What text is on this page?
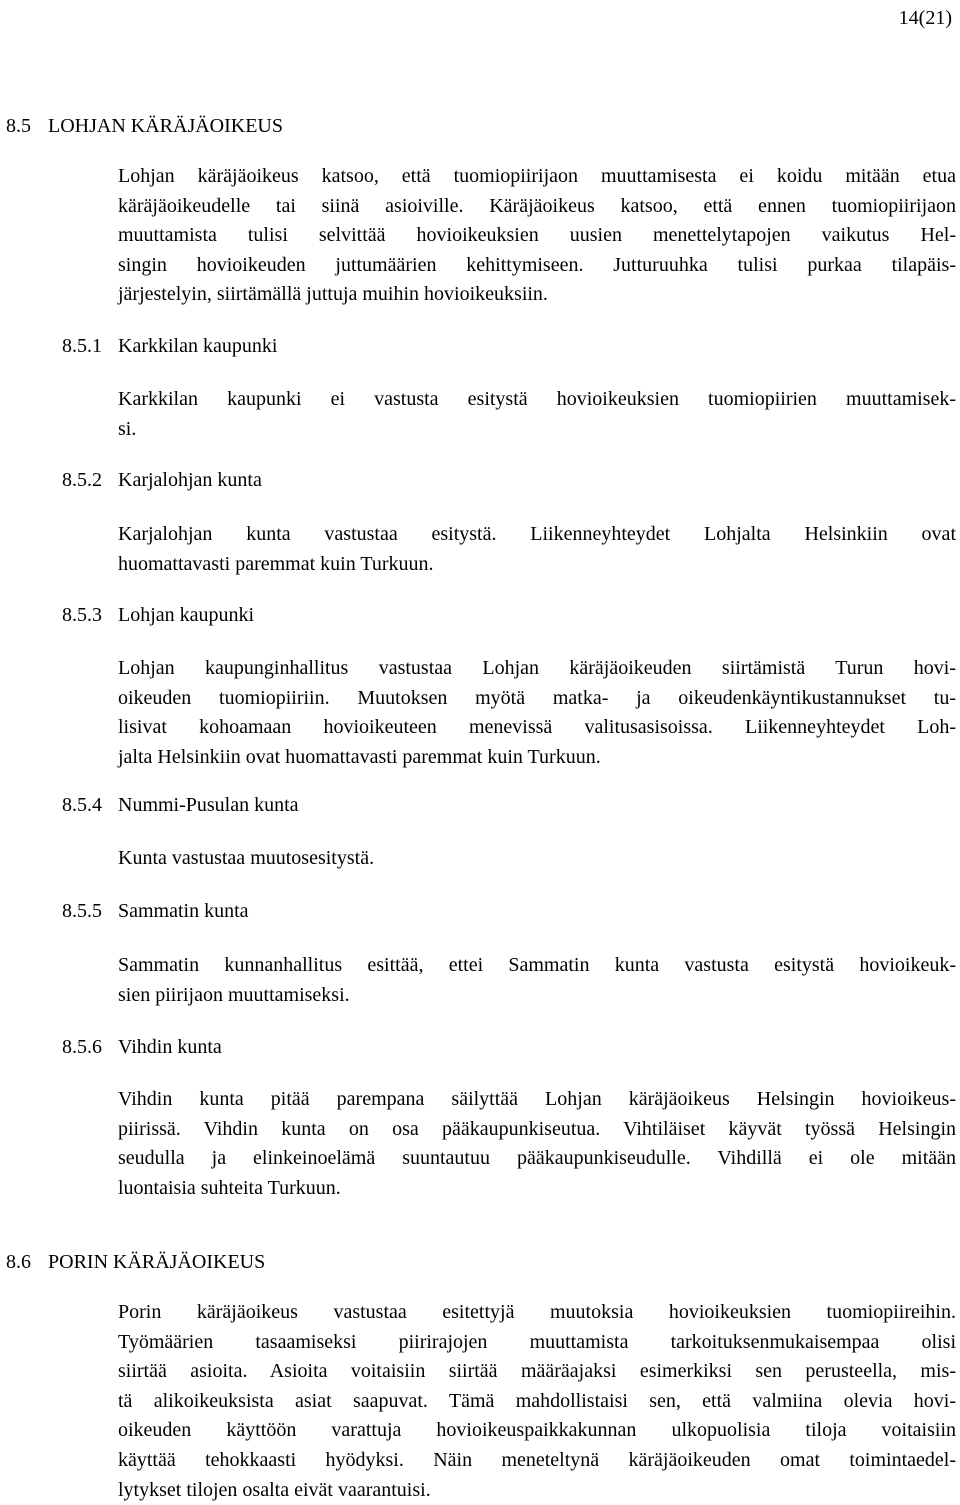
14(21)
8.5 LOHJAN KÄRÄJÄOIKEUS
Lohjan käräjäoikeus katsoo, että tuomiopiirijaon muuttamisesta ei koidu mitään etua
käräjäoikeudelle tai siinä asioiville. Käräjäoikeus katsoo, että ennen tuomiopiirijaon
muuttamista tulisi selvittää hovioikeuksien uusien menettelytapojen vaikutus Hel-
singin hovioikeuden juttumäärien kehittymiseen. Jutturuuhka tulisi purkaa tilapäis-
järjestelyin, siirtämällä juttuja muihin hovioikeuksiin.
8.5.1 Karkkilan kaupunki
Karkkilan kaupunki ei vastusta esitystä hovioikeuksien tuomiopiirien muuttamisek-
si.
8.5.2 Karjalohjan kunta
Karjalohjan kunta vastustaa esitystä. Liikenneyhteydet Lohjalta Helsinkiin ovat
huomattavasti paremmat kuin Turkuun.
8.5.3 Lohjan kaupunki
Lohjan kaupunginhallitus vastustaa Lohjan käräjäoikeuden siirtämistä Turun hovi-
oikeuden tuomiopiiriin. Muutoksen myötä matka- ja oikeudenkäyntikustannukset tu-
lisivat kohoamaan hovioikeuteen menevissä valitusasisoissa. Liikenneyhteydet Loh-
jalta Helsinkiin ovat huomattavasti paremmat kuin Turkuun.
8.5.4 Nummi-Pusulan kunta
Kunta vastustaa muutosesitystä.
8.5.5 Sammatin kunta
Sammatin kunnanhallitus esittää, ettei Sammatin kunta vastusta esitystä hovioikeuk-
sien piirijaon muuttamiseksi.
8.5.6 Vihdin kunta
Vihdin kunta pitää parempana säilyttää Lohjan käräjäoikeus Helsingin hovioikeus-
piirissä. Vihdin kunta on osa pääkaupunkiseutua. Vihtiläiset käyvät työssä Helsingin
seudulla ja elinkeinoelämä suuntautuu pääkaupunkiseudulle. Vihdillä ei ole mitään
luontaisia suhteita Turkuun.
8.6 PORIN KÄRÄJÄOIKEUS
Porin käräjäoikeus vastustaa esitettyjä muutoksia hovioikeuksien tuomiopiireihin.
Työmäärien tasaamiseksi piirirajojen muuttamista tarkoituksenmukaisempaa olisi
siirtää asioita. Asioita voitaisiin siirtää määräajaksi esimerkiksi sen perusteella, mis-
tä alikoikeuksista asiat saapuvat. Tämä mahdollistaisi sen, että valmiina olevia hovi-
oikeuden käyttöön varattuja hovioikeuspaikkakunnan ulkopuolisia tiloja voitaisiin
käyttää tehokkaasti hyödyksi. Näin meneteltynä käräjäoikeuden omat toimintaedel-
lytykset tilojen osalta eivät vaarantuisi.
